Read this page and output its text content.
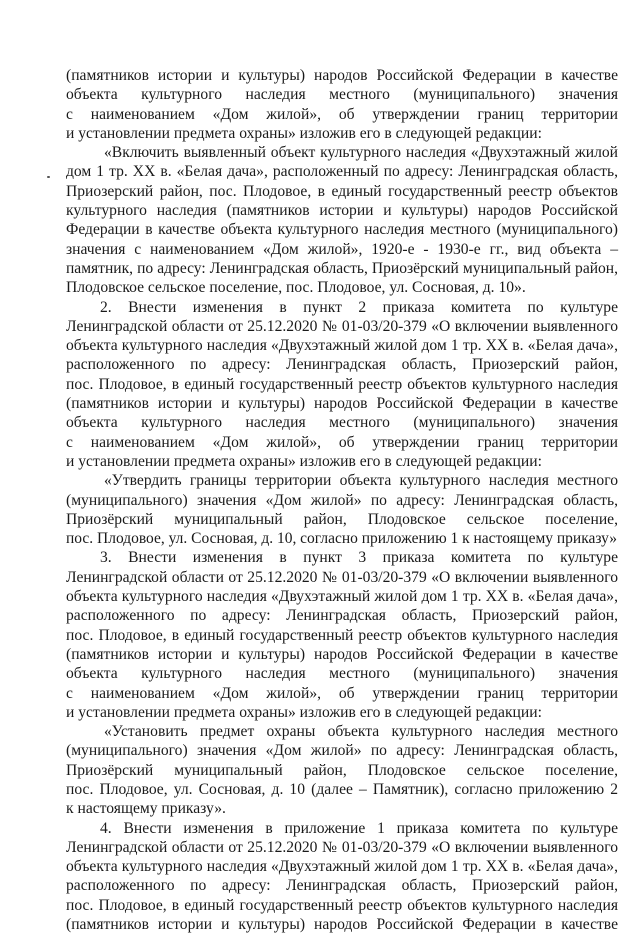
(памятников истории и культуры) народов Российской Федерации в качестве
объекта культурного наследия местного (муниципального) значения
с наименованием «Дом жилой», об утверждении границ территории
и установлении предмета охраны» изложив его в следующей редакции:
«Включить выявленный объект культурного наследия «Двухэтажный жилой
дом 1 тр. XX в. «Белая дача», расположенный по адресу: Ленинградская область,
Приозерский район, пос. Плодовое, в единый государственный реестр объектов
культурного наследия (памятников истории и культуры) народов Российской
Федерации в качестве объекта культурного наследия местного (муниципального)
значения с наименованием «Дом жилой», 1920-е - 1930-е гг., вид объекта –
памятник, по адресу: Ленинградская область, Приозёрский муниципальный район,
Плодовское сельское поселение, пос. Плодовое, ул. Сосновая, д. 10».
2. Внести изменения в пункт 2 приказа комитета по культуре
Ленинградской области от 25.12.2020 № 01-03/20-379 «О включении выявленного
объекта культурного наследия «Двухэтажный жилой дом 1 тр. XX в. «Белая дача»,
расположенного по адресу: Ленинградская область, Приозерский район,
пос. Плодовое, в единый государственный реестр объектов культурного наследия
(памятников истории и культуры) народов Российской Федерации в качестве
объекта культурного наследия местного (муниципального) значения
с наименованием «Дом жилой», об утверждении границ территории
и установлении предмета охраны» изложив его в следующей редакции:
«Утвердить границы территории объекта культурного наследия местного
(муниципального) значения «Дом жилой» по адресу: Ленинградская область,
Приозёрский муниципальный район, Плодовское сельское поселение,
пос. Плодовое, ул. Сосновая, д. 10, согласно приложению 1 к настоящему приказу»
3. Внести изменения в пункт 3 приказа комитета по культуре
Ленинградской области от 25.12.2020 № 01-03/20-379 «О включении выявленного
объекта культурного наследия «Двухэтажный жилой дом 1 тр. XX в. «Белая дача»,
расположенного по адресу: Ленинградская область, Приозерский район,
пос. Плодовое, в единый государственный реестр объектов культурного наследия
(памятников истории и культуры) народов Российской Федерации в качестве
объекта культурного наследия местного (муниципального) значения
с наименованием «Дом жилой», об утверждении границ территории
и установлении предмета охраны» изложив его в следующей редакции:
«Установить предмет охраны объекта культурного наследия местного
(муниципального) значения «Дом жилой» по адресу: Ленинградская область,
Приозёрский муниципальный район, Плодовское сельское поселение,
пос. Плодовое, ул. Сосновая, д. 10 (далее – Памятник), согласно приложению 2
к настоящему приказу».
4. Внести изменения в приложение 1 приказа комитета по культуре
Ленинградской области от 25.12.2020 № 01-03/20-379 «О включении выявленного
объекта культурного наследия «Двухэтажный жилой дом 1 тр. XX в. «Белая дача»,
расположенного по адресу: Ленинградская область, Приозерский район,
пос. Плодовое, в единый государственный реестр объектов культурного наследия
(памятников истории и культуры) народов Российской Федерации в качестве
